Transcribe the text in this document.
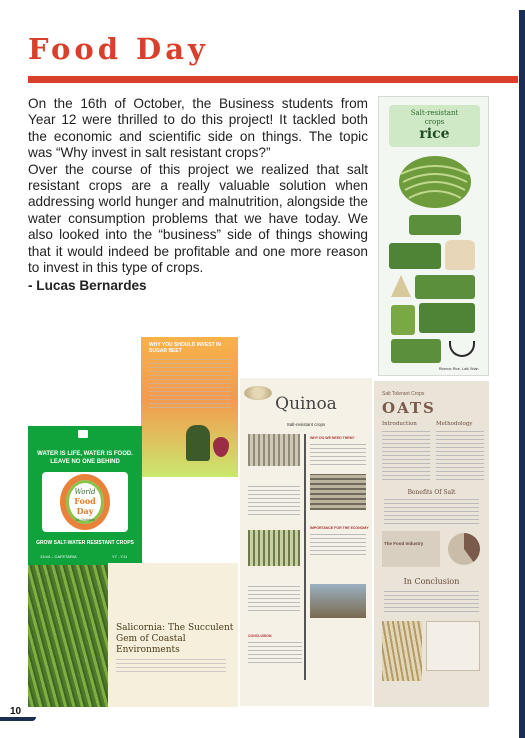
Food Day

On the 16th of October, the Business students from Year 12 were thrilled to do this project! It tackled both the economic and scientific side on things. The topic was “Why invest in salt resistant crops?”

Over the course of this project we realized that salt resistant crops are a really valuable solution when addressing world hunger and malnutrition, alongside the water consumption problems that we have today. We also looked into the “business” side of things showing that it would indeed be profitable and one more reason to invest in this type of crops.

- Lucas Bernardes

Salt-resistant
crops
rice
Ricerca: Rice, Lutti, Brian
WHY YOU SHOULD INVEST IN SUGAR BEET
WATER IS LIFE, WATER IS FOOD. LEAVE NO ONE BEHIND
World
Food
Day
16 October
GROW SALT-WATER RESISTANT CROPS
13:44 – CAFETARIA	Y7 - Y11
Salicornia: The Succulent Gem of Coastal Environments
Quinoa
Salt-resistant crops
WHY DO WE NEED THEM?
IMPORTANCE FOR THE ECONOMY
CONCLUSION
Salt Tolerant Crops
OATS
Introduction	Methodology
Benefits Of Salt
The Food Industry
In Conclusion
10
